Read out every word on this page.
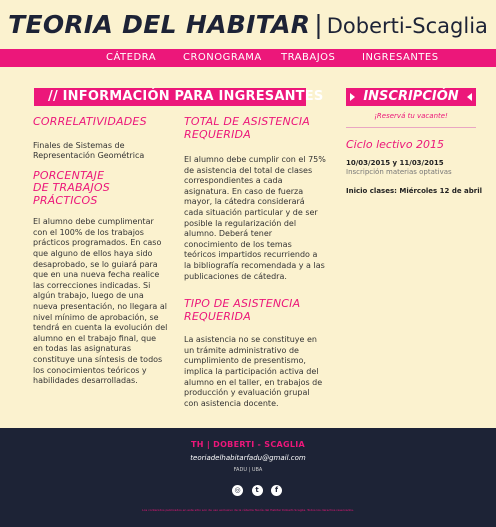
TEORIA DEL HABITAR | Doberti-Scaglia
CÁTEDRA	CRONOGRAMA TRABAJOS	INGRESANTES
// INFORMACIÓN PARA INGRESANTES
CORRELATIVIDADES
Finales de Sistemas de Representación Geométrica
PORCENTAJE
DE TRABAJOS PRÁCTICOS
El alumno debe cumplimentar con el 100% de los trabajos prácticos programados. En caso que alguno de ellos haya sido desaprobado, se lo guiará para que en una nueva fecha realice las correcciones indicadas. Si algún trabajo, luego de una nueva presentación, no llegara al nivel mínimo de aprobación, se tendrá en cuenta la evolución del alumno en el trabajo final, que en todas las asignaturas constituye una síntesis de todos los conocimientos teóricos y habilidades desarrolladas.
TOTAL DE ASISTENCIA
REQUERIDA
El alumno debe cumplir con el 75% de asistencia del total de clases correspondientes a cada asignatura. En caso de fuerza mayor, la cátedra considerará cada situación particular y de ser posible la regularización del alumno. Deberá tener conocimiento de los temas teóricos impartidos recurriendo a la bibliografía recomendada y a las publicaciones de cátedra.
TIPO DE ASISTENCIA
REQUERIDA
La asistencia no se constituye en un trámite administrativo de cumplimiento de presentismo, implica la participación activa del alumno en el taller, en trabajos de producción y evaluación grupal con asistencia docente.
INSCRIPCIÓN
¡Reservá tu vacante!
Ciclo lectivo 2015
10/03/2015 y 11/03/2015
Inscripción materias optativas
Inicio clases: Miércoles 12 de abril
TH | DOBERTI - SCAGLIA
teoriadelhabitarfadu@gmail.com
FADU | UBA
◎	t	f
Los contenidos publicados en este sitio son de uso exclusivo de la cátedra Teoría del Habitar Doberti-Scaglia. Todos los derechos reservados.
